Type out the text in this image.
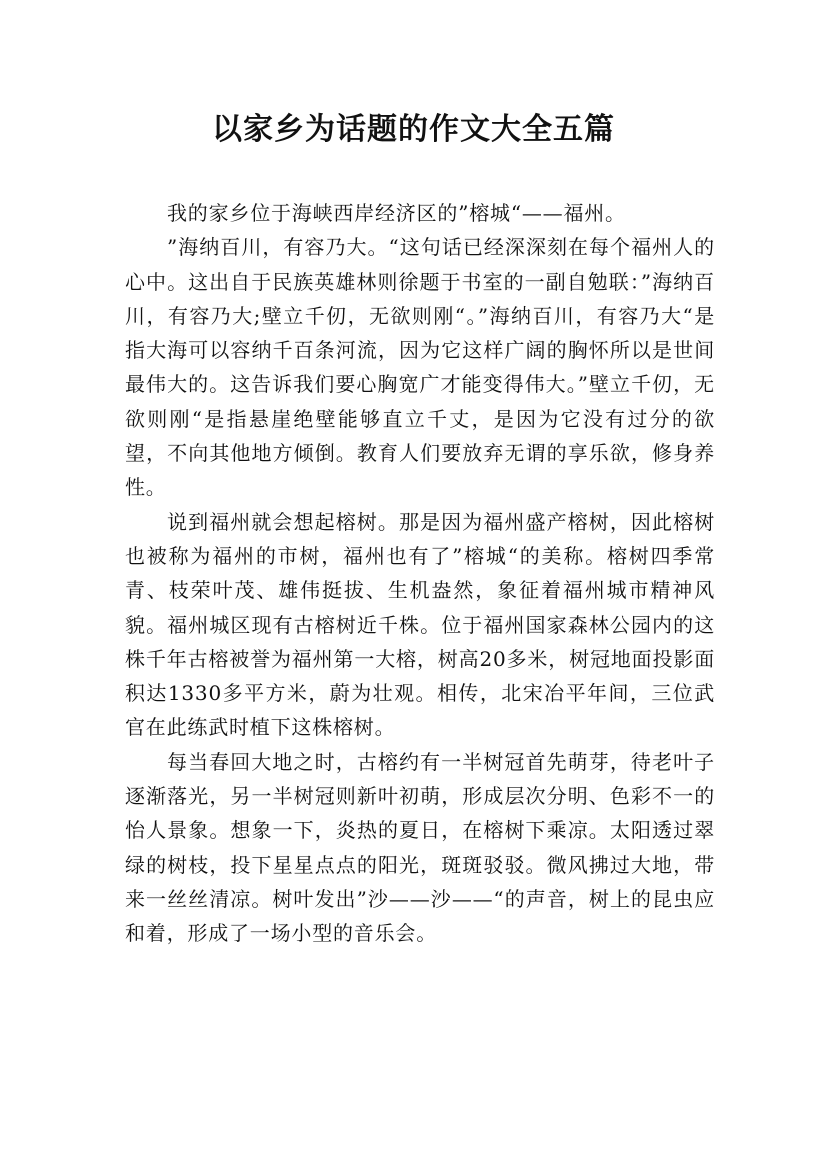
以家乡为话题的作文大全五篇

我的家乡位于海峡西岸经济区的”榕城“——福州。

”海纳百川，有容乃大。“这句话已经深深刻在每个福州人的心中。这出自于民族英雄林则徐题于书室的一副自勉联：”海纳百川，有容乃大;壁立千仞，无欲则刚“。”海纳百川，有容乃大“是指大海可以容纳千百条河流，因为它这样广阔的胸怀所以是世间最伟大的。这告诉我们要心胸宽广才能变得伟大。”壁立千仞，无欲则刚“是指悬崖绝壁能够直立千丈，是因为它没有过分的欲望，不向其他地方倾倒。教育人们要放弃无谓的享乐欲，修身养性。

说到福州就会想起榕树。那是因为福州盛产榕树，因此榕树也被称为福州的市树，福州也有了”榕城“的美称。榕树四季常青、枝荣叶茂、雄伟挺拔、生机盎然，象征着福州城市精神风貌。福州城区现有古榕树近千株。位于福州国家森林公园内的这株千年古榕被誉为福州第一大榕，树高20多米，树冠地面投影面积达1330多平方米，蔚为壮观。相传，北宋冶平年间，三位武官在此练武时植下这株榕树。

每当春回大地之时，古榕约有一半树冠首先萌芽，待老叶子逐渐落光，另一半树冠则新叶初萌，形成层次分明、色彩不一的怡人景象。想象一下，炎热的夏日，在榕树下乘凉。太阳透过翠绿的树枝，投下星星点点的阳光，斑斑驳驳。微风拂过大地，带来一丝丝清凉。树叶发出”沙——沙——“的声音，树上的昆虫应和着，形成了一场小型的音乐会。
